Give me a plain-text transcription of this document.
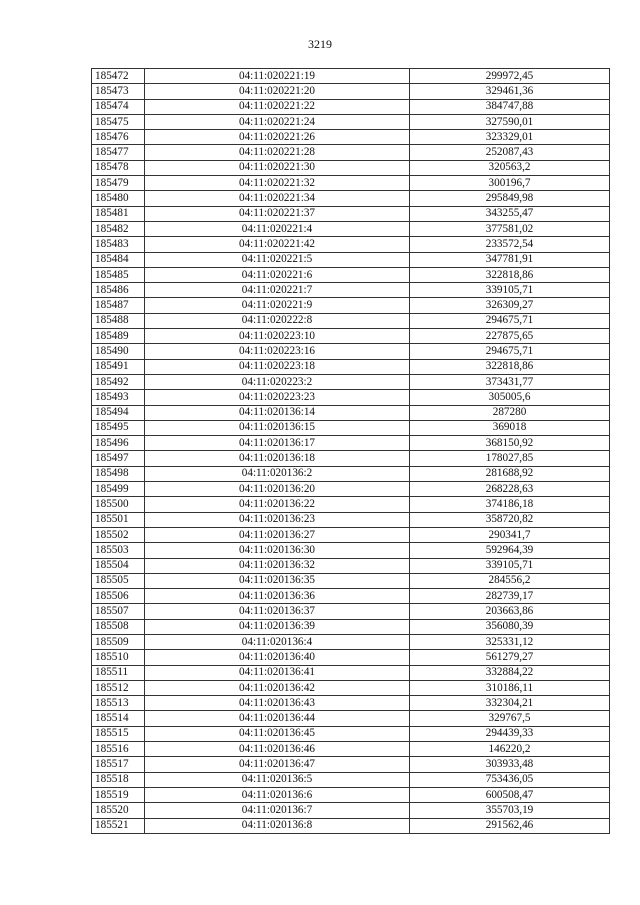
3219
185472	04:11:020221:19	299972,45
185473	04:11:020221:20	329461,36
185474	04:11:020221:22	384747,88
185475	04:11:020221:24	327590,01
185476	04:11:020221:26	323329,01
185477	04:11:020221:28	252087,43
185478	04:11:020221:30	320563,2
185479	04:11:020221:32	300196,7
185480	04:11:020221:34	295849,98
185481	04:11:020221:37	343255,47
185482	04:11:020221:4	377581,02
185483	04:11:020221:42	233572,54
185484	04:11:020221:5	347781,91
185485	04:11:020221:6	322818,86
185486	04:11:020221:7	339105,71
185487	04:11:020221:9	326309,27
185488	04:11:020222:8	294675,71
185489	04:11:020223:10	227875,65
185490	04:11:020223:16	294675,71
185491	04:11:020223:18	322818,86
185492	04:11:020223:2	373431,77
185493	04:11:020223:23	305005,6
185494	04:11:020136:14	287280
185495	04:11:020136:15	369018
185496	04:11:020136:17	368150,92
185497	04:11:020136:18	178027,85
185498	04:11:020136:2	281688,92
185499	04:11:020136:20	268228,63
185500	04:11:020136:22	374186,18
185501	04:11:020136:23	358720,82
185502	04:11:020136:27	290341,7
185503	04:11:020136:30	592964,39
185504	04:11:020136:32	339105,71
185505	04:11:020136:35	284556,2
185506	04:11:020136:36	282739,17
185507	04:11:020136:37	203663,86
185508	04:11:020136:39	356080,39
185509	04:11:020136:4	325331,12
185510	04:11:020136:40	561279,27
185511	04:11:020136:41	332884,22
185512	04:11:020136:42	310186,11
185513	04:11:020136:43	332304,21
185514	04:11:020136:44	329767,5
185515	04:11:020136:45	294439,33
185516	04:11:020136:46	146220,2
185517	04:11:020136:47	303933,48
185518	04:11:020136:5	753436,05
185519	04:11:020136:6	600508,47
185520	04:11:020136:7	355703,19
185521	04:11:020136:8	291562,46
